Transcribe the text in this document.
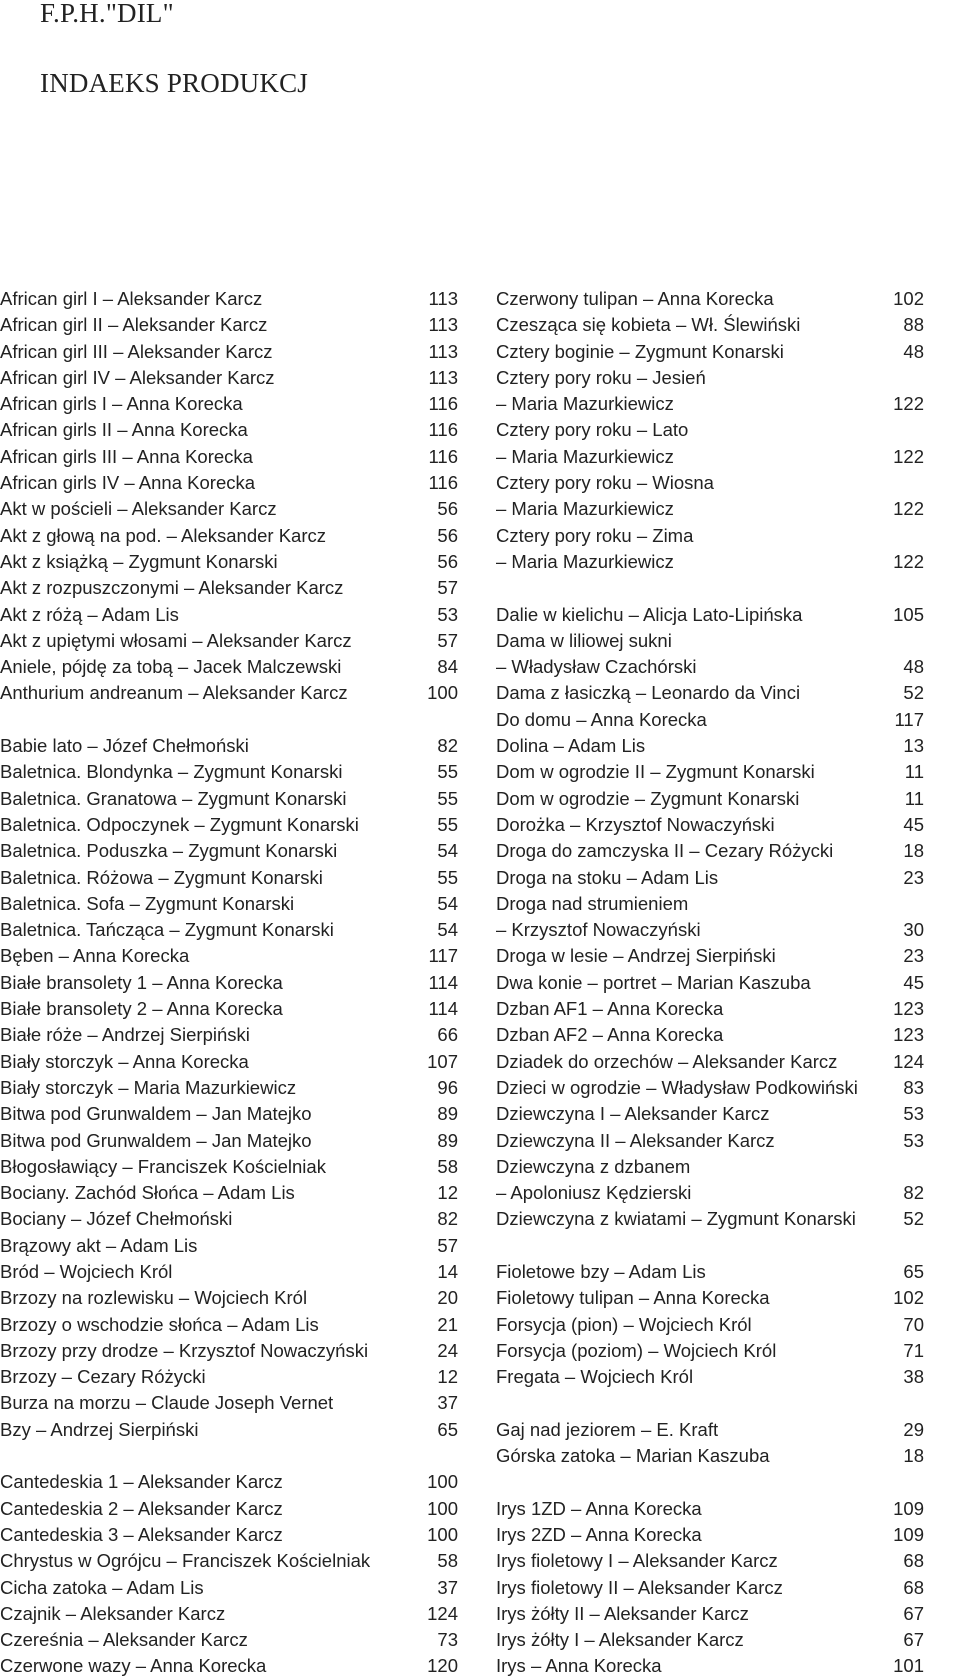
F.P.H."DIL"
INDAEKS PRODUKCJ
African girl I – Aleksander Karcz	113
African girl II – Aleksander Karcz	113
African girl III – Aleksander Karcz	113
African girl IV – Aleksander Karcz	113
African girls I – Anna Korecka	116
African girls II – Anna Korecka	116
African girls III – Anna Korecka	116
African girls IV – Anna Korecka	116
Akt w pościeli – Aleksander Karcz	56
Akt z głową na pod. – Aleksander Karcz	56
Akt z książką – Zygmunt Konarski	56
Akt z rozpuszczonymi – Aleksander Karcz	57
Akt z różą – Adam Lis	53
Akt z upiętymi włosami – Aleksander Karcz	57
Aniele, pójdę za tobą – Jacek Malczewski	84
Anthurium andreanum – Aleksander Karcz	100
Babie lato – Józef Chełmoński	82
Baletnica. Blondynka – Zygmunt Konarski	55
Baletnica. Granatowa – Zygmunt Konarski	55
Baletnica. Odpoczynek – Zygmunt Konarski	55
Baletnica. Poduszka – Zygmunt Konarski	54
Baletnica. Różowa – Zygmunt Konarski	55
Baletnica. Sofa – Zygmunt Konarski	54
Baletnica. Tańcząca – Zygmunt Konarski	54
Bęben – Anna Korecka	117
Białe bransolety 1 – Anna Korecka	114
Białe bransolety 2 – Anna Korecka	114
Białe róże – Andrzej Sierpiński	66
Biały storczyk – Anna Korecka	107
Biały storczyk – Maria Mazurkiewicz	96
Bitwa pod Grunwaldem – Jan Matejko	89
Bitwa pod Grunwaldem – Jan Matejko	89
Błogosławiący – Franciszek Kościelniak	58
Bociany. Zachód Słońca – Adam Lis	12
Bociany – Józef Chełmoński	82
Brązowy akt – Adam Lis	57
Bród – Wojciech Król	14
Brzozy na rozlewisku – Wojciech Król	20
Brzozy o wschodzie słońca – Adam Lis	21
Brzozy przy drodze – Krzysztof Nowaczyński	24
Brzozy – Cezary Różycki	12
Burza na morzu – Claude Joseph Vernet	37
Bzy – Andrzej Sierpiński	65
Cantedeskia 1 – Aleksander Karcz	100
Cantedeskia 2 – Aleksander Karcz	100
Cantedeskia 3 – Aleksander Karcz	100
Chrystus w Ogrójcu – Franciszek Kościelniak	58
Cicha zatoka – Adam Lis	37
Czajnik – Aleksander Karcz	124
Czereśnia – Aleksander Karcz	73
Czerwone wazy – Anna Korecka	120
Czerwony tulipan – Anna Korecka	102
Czesząca się kobieta – Wł. Ślewiński	88
Cztery boginie – Zygmunt Konarski	48
Cztery pory roku – Jesień
– Maria Mazurkiewicz	122
Cztery pory roku – Lato
– Maria Mazurkiewicz	122
Cztery pory roku – Wiosna
– Maria Mazurkiewicz	122
Cztery pory roku – Zima
– Maria Mazurkiewicz	122
Dalie w kielichu – Alicja Lato-Lipińska	105
Dama w liliowej sukni
– Władysław Czachórski	48
Dama z łasiczką – Leonardo da Vinci	52
Do domu – Anna Korecka	117
Dolina – Adam Lis	13
Dom w ogrodzie II – Zygmunt Konarski	11
Dom w ogrodzie – Zygmunt Konarski	11
Dorożka – Krzysztof Nowaczyński	45
Droga do zamczyska II – Cezary Różycki	18
Droga na stoku – Adam Lis	23
Droga nad strumieniem
– Krzysztof Nowaczyński	30
Droga w lesie – Andrzej Sierpiński	23
Dwa konie – portret – Marian Kaszuba	45
Dzban AF1 – Anna Korecka	123
Dzban AF2 – Anna Korecka	123
Dziadek do orzechów – Aleksander Karcz	124
Dzieci w ogrodzie – Władysław Podkowiński	83
Dziewczyna I – Aleksander Karcz	53
Dziewczyna II – Aleksander Karcz	53
Dziewczyna z dzbanem
– Apoloniusz Kędzierski	82
Dziewczyna z kwiatami – Zygmunt Konarski	52
Fioletowe bzy – Adam Lis	65
Fioletowy tulipan – Anna Korecka	102
Forsycja (pion) – Wojciech Król	70
Forsycja (poziom) – Wojciech Król	71
Fregata – Wojciech Król	38
Gaj nad jeziorem – E. Kraft	29
Górska zatoka – Marian Kaszuba	18
Irys 1ZD – Anna Korecka	109
Irys 2ZD – Anna Korecka	109
Irys fioletowy I – Aleksander Karcz	68
Irys fioletowy II – Aleksander Karcz	68
Irys żółty II – Aleksander Karcz	67
Irys żółty I – Aleksander Karcz	67
Irys – Anna Korecka	101
